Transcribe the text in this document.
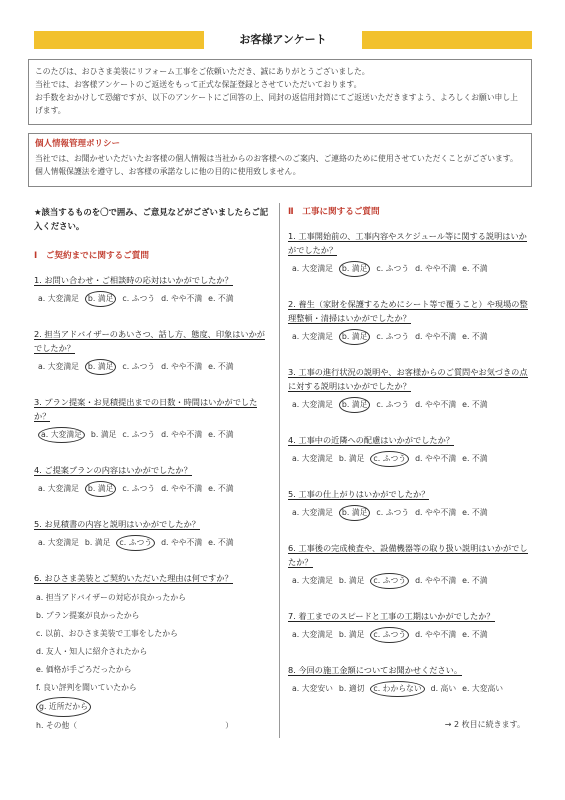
お客様アンケート
このたびは、おひさま美装にリフォーム工事をご依頼いただき、誠にありがとうございました。
当社では、お客様アンケートのご返送をもって正式な保証登録とさせていただいております。
お手数をおかけして恐縮ですが、以下のアンケートにご回答の上、同封の返信用封筒にてご返送いただきますよう、よろしくお願い申し上げます。
個人情報管理ポリシー
当社では、お聞かせいただいたお客様の個人情報は当社からのお客様へのご案内、ご連絡のために使用させていただくことがございます。個人情報保護法を遵守し、お客様の承諾なしに他の目的に使用致しません。
★該当するものを〇で囲み、ご意見などがございましたらご記入ください。
Ⅰ　ご契約までに関するご質問
1. お問い合わせ・ご相談時の応対はいかがでしたか？
a. 大変満足 b. 満足 c. ふつう d. やや不満 e. 不満
2. 担当アドバイザーのあいさつ、話し方、態度、印象はいかがでしたか？
a. 大変満足 b. 満足 c. ふつう d. やや不満 e. 不満
3. プラン提案・お見積提出までの日数・時間はいかがでしたか？
a. 大変満足 b. 満足 c. ふつう d. やや不満 e. 不満
4. ご提案プランの内容はいかがでしたか？
a. 大変満足 b. 満足 c. ふつう d. やや不満 e. 不満
5. お見積書の内容と説明はいかがでしたか？
a. 大変満足 b. 満足 c. ふつう d. やや不満 e. 不満
6. おひさま美装とご契約いただいた理由は何ですか？
a. 担当アドバイザーの対応が良かったから
b. プラン提案が良かったから
c. 以前、おひさま美装で工事をしたから
d. 友人・知人に紹介されたから
e. 価格が手ごろだったから
f. 良い評判を聞いていたから
g. 近所だから
h. その他（　　　　　　　　　　　　　　　　　　　）
Ⅱ　工事に関するご質問
1. 工事開始前の、工事内容やスケジュール等に関する説明はいかがでしたか？
a. 大変満足 b. 満足 c. ふつう d. やや不満 e. 不満
2. 養生（家財を保護するためにシート等で覆うこと）や現場の整理整頓・清掃はいかがでしたか？
a. 大変満足 b. 満足 c. ふつう d. やや不満 e. 不満
3. 工事の進行状況の説明や、お客様からのご質問やお気づきの点に対する説明はいかがでしたか？
a. 大変満足 b. 満足 c. ふつう d. やや不満 e. 不満
4. 工事中の近隣への配慮はいかがでしたか？
a. 大変満足 b. 満足 c. ふつう d. やや不満 e. 不満
5. 工事の仕上がりはいかがでしたか？
a. 大変満足 b. 満足 c. ふつう d. やや不満 e. 不満
6. 工事後の完成検査や、設備機器等の取り扱い説明はいかがでしたか？
a. 大変満足 b. 満足 c. ふつう d. やや不満 e. 不満
7. 着工までのスピードと工事の工期はいかがでしたか？
a. 大変満足 b. 満足 c. ふつう d. やや不満 e. 不満
8. 今回の施工金額についてお聞かせください。
a. 大変安い b. 適切 c. わからない d. 高い e. 大変高い
→ 2 枚目に続きます。
